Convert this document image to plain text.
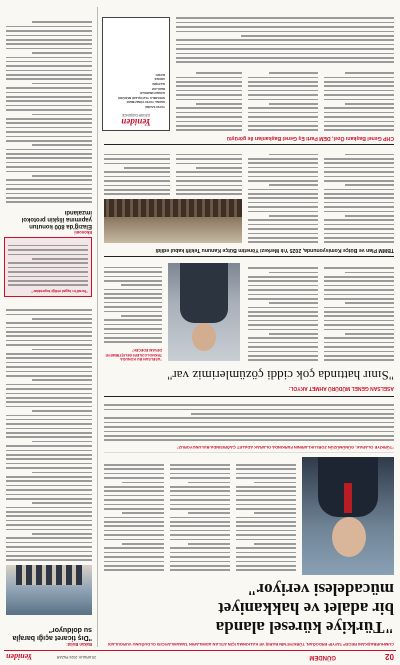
02
GÜNDEM
29 ARALIK 2024 PAZAR
Yeniden
CUMHURBAŞKANI RECEP TAYYİP ERDOĞAN, TÜRKİYE'NİN BARIŞ VE KALKINMA İÇİN ATILAN ADIMLARIN TAMAMLAYICISI OLDUĞUNU VURGULADI
"Türkiye küresel alanda
bir adalet ve hakkaniyet
mücadelesi veriyor"
"TÜRKİYE OLARAK, GÜNÜMÜZÜN ZORLUKLARININ FARKINDA OLARAK ADALET ÇAĞRISINDA BULUNUYORUZ"
ASELSAN GENEL MÜDÜRÜ AHMET AKYOL:
"Sınır hattında çok ciddi çözümlerimiz var"
"ASELSAN BU KONUDA TEKNOLOJİLERİ GELİŞTİRMEYE DEVAM EDECEK"
TBMM Plan ve Bütçe Komisyonunda, 2025 Yılı Merkezi Yönetim Bütçe Kanunu Teklifi kabul edildi
CHP Genel Başkanı Özel, DEM Parti Eş Genel Başkanları ile görüştü
Yeniden
ÖZGÜR DÜŞÜNCE
YAYIN SAHİBİ
GENEL YAYIN YÖNETMENİ
SORUMLU YAZI İŞLERİ MÜDÜRÜ
HABER MERKEZİ
REKLAM
İLETİŞİM
ADRES
BASKI
Bakan Bolat:
"Dış ticaret açığı barajla su dolduyor"
"İsrail'in işgal ettiği topraklar"
Ekonomi
Elazığ'da 800 konutun yapımına ilişkin protokol imzalandı
